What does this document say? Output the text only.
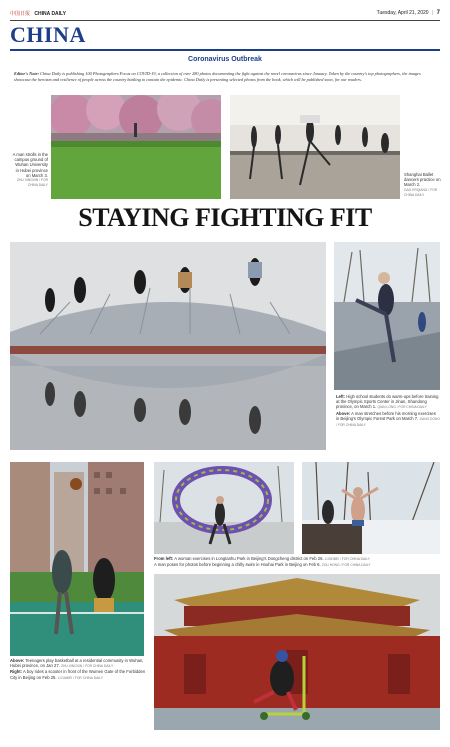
中国日报 CHINA DAILY	Tuesday, April 21, 2020 | 7
CHINA
Coronavirus Outbreak
Editor's Note: China Daily is publishing 100 Photographers Focus on COVID-19, a collection of over 280 photos documenting the fight against the novel coronavirus since January. Taken by the country's top photographers, the images showcase the heroism and resilience of people across the country battling to contain the epidemic. China Daily is presenting selected photos from the book, which will be published soon, for our readers.
A man strolls in the campus ground of Wuhan University in Hubei province on March 3.
ZHU XINGXIN / FOR CHINA DAILY
Shanghai Ballet dancers practice on March 2.
GAO ERQIANG / FOR CHINA DAILY
STAYING FIGHTING FIT
Left: High school students do warm-ups before training at the Olympic Sports Center in Jinan, Shandong province, on March 1. QIAN LONG / FOR CHINA DAILY
Above: A man stretches before his morning exercises in Beijing's Olympic Forest Park on March 7. JIANG DONG / FOR CHINA DAILY
From left: A woman exercises in Longtanhu Park in Beijing's Dongcheng district on Feb 26. LI BEIBEI / FOR CHINA DAILY
A man poses for photos before beginning a chilly swim in Houhai Park in Beijing on Feb 6. ZOU HONG / FOR CHINA DAILY
Above: Teenagers play basketball at a residential community in Wuhan, Hubei province, on Jan 27. ZHU XINGXIN / FOR CHINA DAILY
Right: A boy rides a scooter in front of the Wumen Gate of the Forbidden City in Beijing on Feb 25. LI DAWEI / FOR CHINA DAILY
